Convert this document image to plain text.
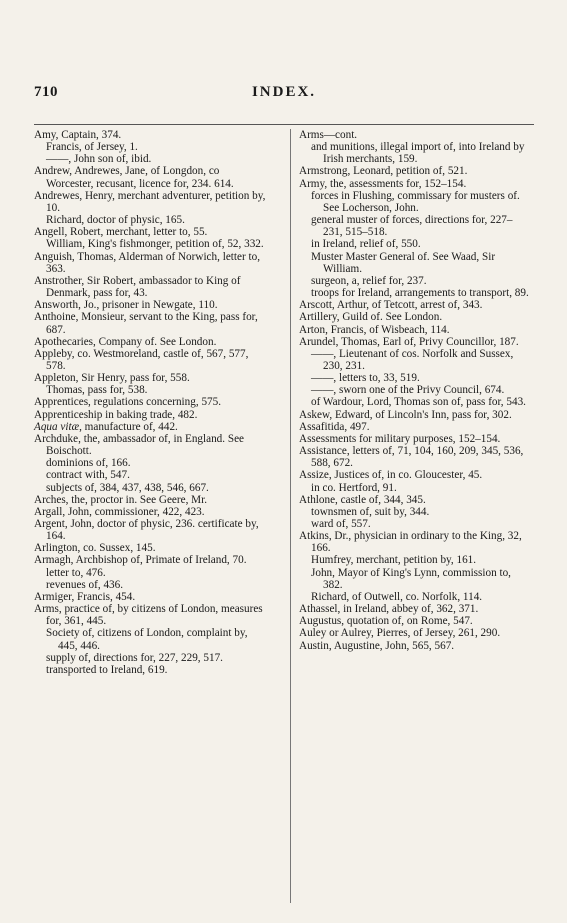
710	INDEX.

Amy, Captain, 374.

Francis, of Jersey, 1.

——, John son of, ibid.

Andrew, Andrewes, Jane, of Longdon, co Worcester, recusant, licence for, 234. 614.

Andrewes, Henry, merchant adventurer, petition by, 10.

Richard, doctor of physic, 165.

Angell, Robert, merchant, letter to, 55.

William, King's fishmonger, petition of, 52, 332.

Anguish, Thomas, Alderman of Norwich, letter to, 363.

Anstrother, Sir Robert, ambassador to King of Denmark, pass for, 43.

Answorth, Jo., prisoner in Newgate, 110.

Anthoine, Monsieur, servant to the King, pass for, 687.

Apothecaries, Company of. See London.

Appleby, co. Westmoreland, castle of, 567, 577, 578.

Appleton, Sir Henry, pass for, 558.

Thomas, pass for, 538.

Apprentices, regulations concerning, 575.

Apprenticeship in baking trade, 482.

Aqua vitæ, manufacture of, 442.

Archduke, the, ambassador of, in England. See Boischott.

dominions of, 166.

contract with, 547.

subjects of, 384, 437, 438, 546, 667.

Arches, the, proctor in. See Geere, Mr.

Argall, John, commissioner, 422, 423.

Argent, John, doctor of physic, 236. certificate by, 164.

Arlington, co. Sussex, 145.

Armagh, Archbishop of, Primate of Ireland, 70.

letter to, 476.

revenues of, 436.

Armiger, Francis, 454.

Arms, practice of, by citizens of London, measures for, 361, 445.

Society of, citizens of London, complaint by, 445, 446.

supply of, directions for, 227, 229, 517.

transported to Ireland, 619.

Arms—cont.

and munitions, illegal import of, into Ireland by Irish merchants, 159.

Armstrong, Leonard, petition of, 521.

Army, the, assessments for, 152–154.

forces in Flushing, commissary for musters of. See Locherson, John.

general muster of forces, directions for, 227–231, 515–518.

in Ireland, relief of, 550.

Muster Master General of. See Waad, Sir William.

surgeon, a, relief for, 237.

troops for Ireland, arrangements to transport, 89.

Arscott, Arthur, of Tetcott, arrest of, 343.

Artillery, Guild of. See London.

Arton, Francis, of Wisbeach, 114.

Arundel, Thomas, Earl of, Privy Councillor, 187.

——, Lieutenant of cos. Norfolk and Sussex, 230, 231.

——, letters to, 33, 519.

——, sworn one of the Privy Council, 674.

of Wardour, Lord, Thomas son of, pass for, 543.

Askew, Edward, of Lincoln's Inn, pass for, 302.

Assafitida, 497.

Assessments for military purposes, 152–154.

Assistance, letters of, 71, 104, 160, 209, 345, 536, 588, 672.

Assize, Justices of, in co. Gloucester, 45.

in co. Hertford, 91.

Athlone, castle of, 344, 345.

townsmen of, suit by, 344.

ward of, 557.

Atkins, Dr., physician in ordinary to the King, 32, 166.

Humfrey, merchant, petition by, 161.

John, Mayor of King's Lynn, commission to, 382.

Richard, of Outwell, co. Norfolk, 114.

Athassel, in Ireland, abbey of, 362, 371.

Augustus, quotation of, on Rome, 547.

Auley or Aulrey, Pierres, of Jersey, 261, 290.

Austin, Augustine, John, 565, 567.
